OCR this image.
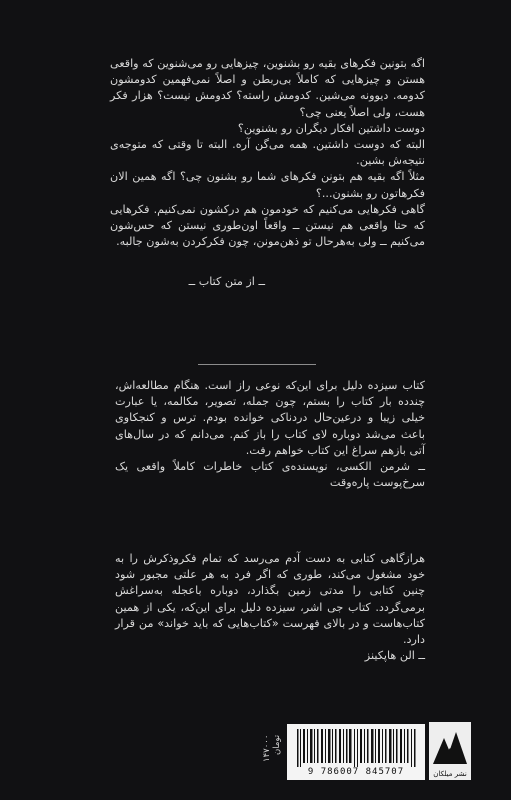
اگه بتونین فکرهای بقیه رو بشنوین، چیزهایی رو می‌شنوین که واقعی هستن و چیزهایی که کاملاً بی‌ربطن و اصلاً نمی‌فهمین کدومشون کدومه. دیوونه می‌شین. کدومش راسته؟ کدومش نیست؟ هزار فکر هست، ولی اصلاً یعنی چی؟

دوست داشتین افکار دیگران رو بشنوین؟

البته که دوست داشتین. همه می‌گن آره. البته تا وقتی که متوجه‌ی نتیجه‌ش بشین.

مثلاً اگه بقیه هم بتونن فکرهای شما رو بشنون چی؟ اگه همین الان فکرهاتون رو بشنون...؟

گاهی فکرهایی می‌کنیم که خودمون هم درکشون نمی‌کنیم. فکرهایی که حتا واقعی هم نیستن ــ واقعاً اون‌طوری نیستن که حس‌شون می‌کنیم ــ ولی به‌هرحال تو ذهن‌مونن، چون فکرکردن به‌شون جالبه.

ــ از متن کتاب ــ

کتاب سیزده دلیل برای این‌که نوعی راز است. هنگام مطالعه‌اش، چندده بار کتاب را بستم، چون جمله، تصویر، مکالمه، یا عبارت خیلی زیبا و درعین‌حال دردناکی خوانده بودم. ترس و کنجکاوی باعث می‌شد دوباره لای کتاب را باز کنم. می‌دانم که در سال‌های آتی بازهم سراغ این کتاب خواهم رفت.

ــ شرمن الکسی، نویسنده‌ی کتاب خاطرات کاملاً واقعی یک سرخ‌پوست پاره‌وقت

هرازگاهی کتابی به دست آدم می‌رسد که تمام فکرو‌ذکرش را به خود مشغول می‌کند، طوری که اگر فرد به هر علتی مجبور شود چنین کتابی را مدتی زمین بگذارد، دوباره باعجله به‌سراغش برمی‌گردد. کتاب جی اشر، سیزده دلیل برای این‌که، یکی از همین کتاب‌هاست و در بالای فهرست «کتاب‌هایی که باید خواند» من قرار دارد.

ــ الن هاپکینز

۱۴۷۰۰۰ تومان
9 786007 845707	نشر میلکان
